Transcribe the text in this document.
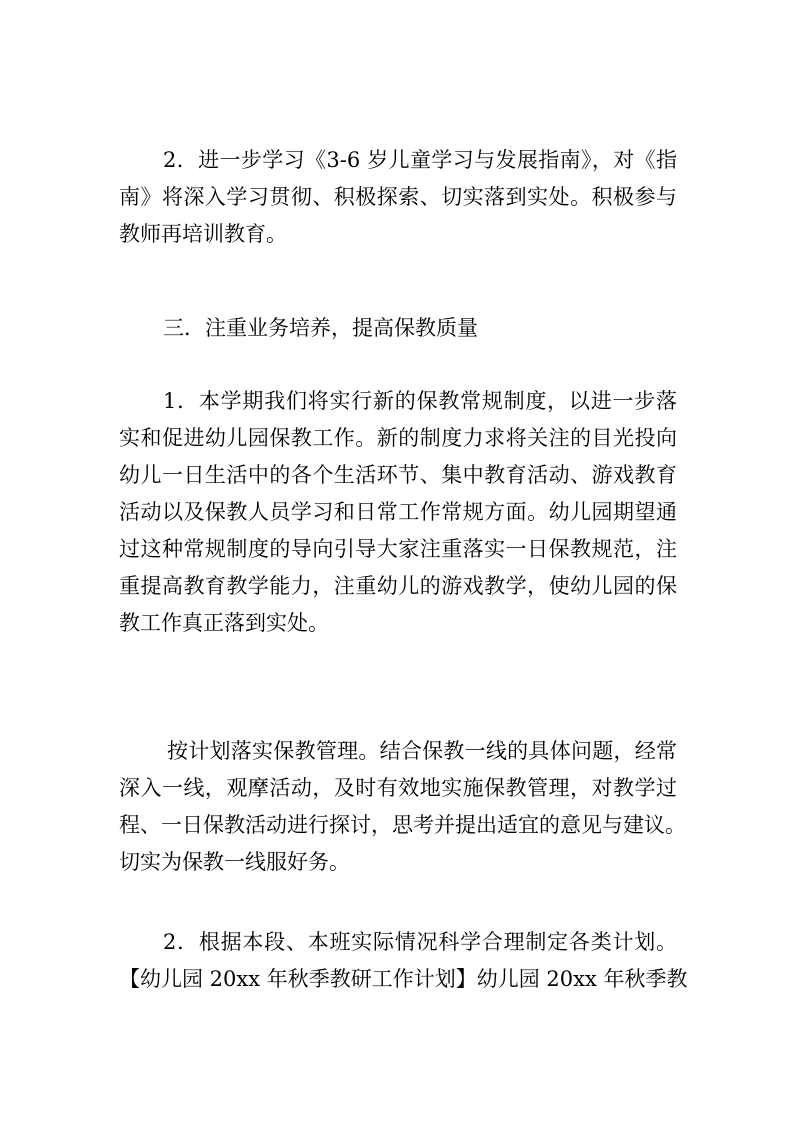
2．进一步学习《3-6 岁儿童学习与发展指南》，对《指
南》将深入学习贯彻、积极探索、切实落到实处。积极参与
教师再培训教育。
三．注重业务培养，提高保教质量
1．本学期我们将实行新的保教常规制度，以进一步落
实和促进幼儿园保教工作。新的制度力求将关注的目光投向
幼儿一日生活中的各个生活环节、集中教育活动、游戏教育
活动以及保教人员学习和日常工作常规方面。幼儿园期望通
过这种常规制度的导向引导大家注重落实一日保教规范，注
重提高教育教学能力，注重幼儿的游戏教学，使幼儿园的保
教工作真正落到实处。
按计划落实保教管理。结合保教一线的具体问题，经常
深入一线，观摩活动，及时有效地实施保教管理，对教学过
程、一日保教活动进行探讨，思考并提出适宜的意见与建议。
切实为保教一线服好务。
2．根据本段、本班实际情况科学合理制定各类计划。
【幼儿园 20xx 年秋季教研工作计划】幼儿园 20xx 年秋季教
